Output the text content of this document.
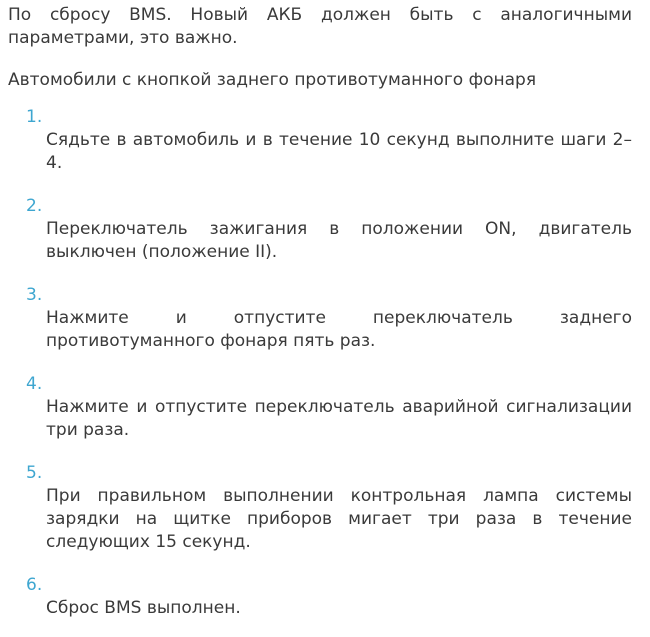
По сбросу BMS. Новый АКБ должен быть с аналогичными параметрами, это важно.

Автомобили с кнопкой заднего противотуманного фонаря

1.
Сядьте в автомобиль и в течение 10 секунд выполните шаги 2–4.
2.
Переключатель зажигания в положении ON, двигатель выключен (положение II).
3.
Нажмите и отпустите переключатель заднего противотуманного фонаря пять раз.
4.
Нажмите и отпустите переключатель аварийной сигнализации три раза.
5.
При правильном выполнении контрольная лампа системы зарядки на щитке приборов мигает три раза в течение следующих 15 секунд.
6.
Сброс BMS выполнен.
